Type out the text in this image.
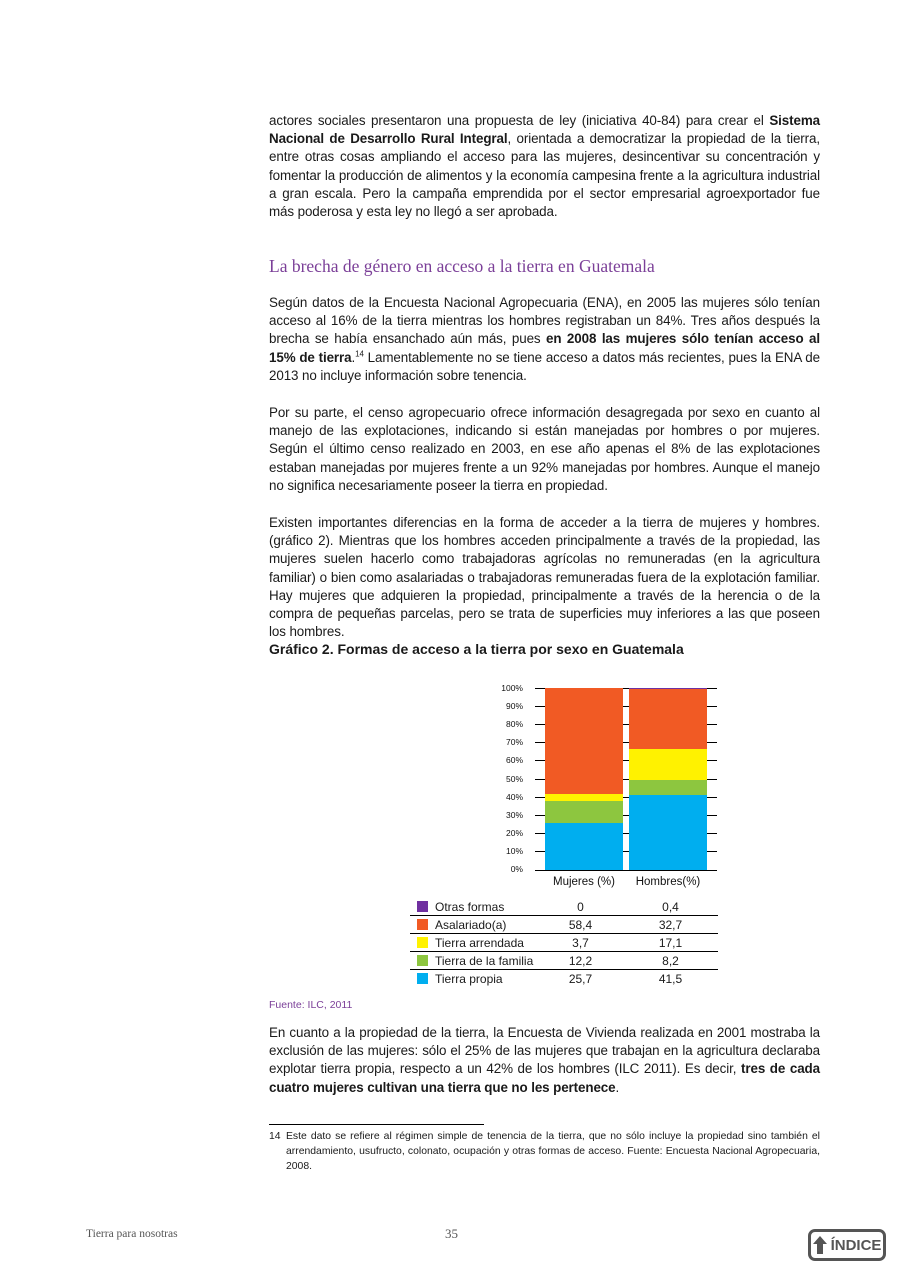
actores sociales presentaron una propuesta de ley (iniciativa 40-84) para crear el Sistema Nacional de Desarrollo Rural Integral, orientada a democratizar la propiedad de la tierra, entre otras cosas ampliando el acceso para las mujeres, desincentivar su concentración y fomentar la producción de alimentos y la economía campesina frente a la agricultura industrial a gran escala. Pero la campaña emprendida por el sector empresarial agroexportador fue más poderosa y esta ley no llegó a ser aprobada.

La brecha de género en acceso a la tierra en Guatemala

Según datos de la Encuesta Nacional Agropecuaria (ENA), en 2005 las mujeres sólo tenían acceso al 16% de la tierra mientras los hombres registraban un 84%. Tres años después la brecha se había ensanchado aún más, pues en 2008 las mujeres sólo tenían acceso al 15% de tierra.$^{14}$ Lamentablemente no se tiene acceso a datos más recientes, pues la ENA de 2013 no incluye información sobre tenencia.

Por su parte, el censo agropecuario ofrece información desagregada por sexo en cuanto al manejo de las explotaciones, indicando si están manejadas por hombres o por mujeres. Según el último censo realizado en 2003, en ese año apenas el 8% de las explotaciones estaban manejadas por mujeres frente a un 92% manejadas por hombres. Aunque el manejo no significa necesariamente poseer la tierra en propiedad.

Existen importantes diferencias en la forma de acceder a la tierra de mujeres y hombres. (gráfico 2). Mientras que los hombres acceden principalmente a través de la propiedad, las mujeres suelen hacerlo como trabajadoras agrícolas no remuneradas (en la agricultura familiar) o bien como asalariadas o trabajadoras remuneradas fuera de la explotación familiar. Hay mujeres que adquieren la propiedad, principalmente a través de la herencia o de la compra de pequeñas parcelas, pero se trata de superficies muy inferiores a las que poseen los hombres.

Gráfico 2. Formas de acceso a la tierra por sexo en Guatemala

100%
90%
80%
70%
60%
50%
40%
30%
20%
10%
0%
Mujeres (%)	Hombres(%)
Otras formas	0	0,4
Asalariado(a)	58,4	32,7
Tierra arrendada	3,7	17,1
Tierra de la familia	12,2	8,2
Tierra propia	25,7	41,5
Fuente: ILC, 2011

En cuanto a la propiedad de la tierra, la Encuesta de Vivienda realizada en 2001 mostraba la exclusión de las mujeres: sólo el 25% de las mujeres que trabajan en la agricultura declaraba explotar tierra propia, respecto a un 42% de los hombres (ILC 2011). Es decir, tres de cada cuatro mujeres cultivan una tierra que no les pertenece.

14 Este dato se refiere al régimen simple de tenencia de la tierra, que no sólo incluye la propiedad sino también el arrendamiento, usufructo, colonato, ocupación y otras formas de acceso. Fuente: Encuesta Nacional Agropecuaria, 2008.
Tierra para nosotras	35
ÍNDICE
